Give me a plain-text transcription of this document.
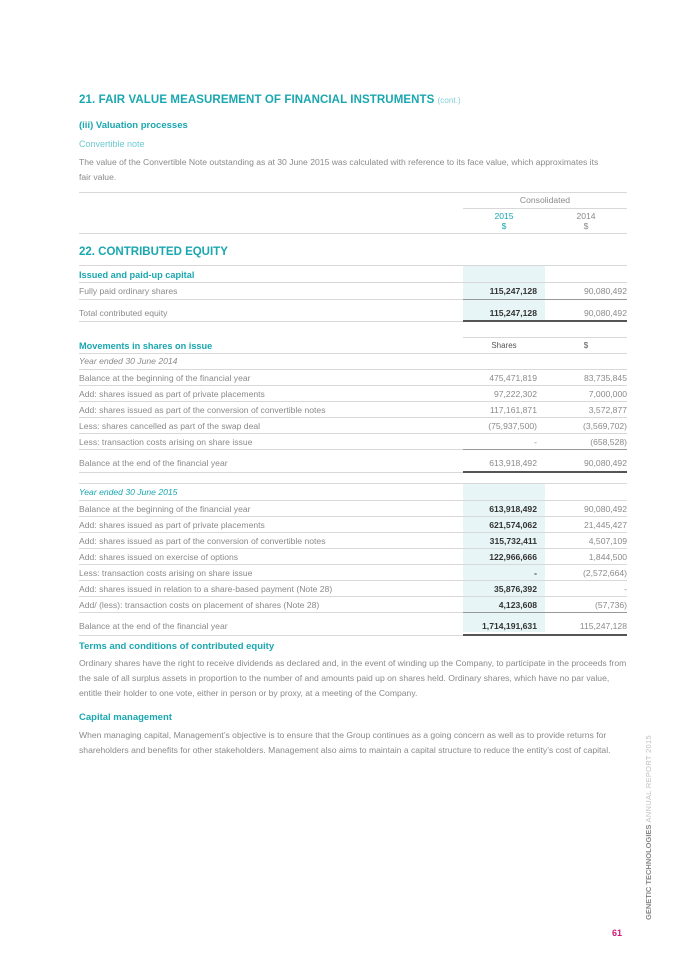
21. FAIR VALUE MEASUREMENT OF FINANCIAL INSTRUMENTS (cont.)
(iii) Valuation processes
Convertible note
The value of the Convertible Note outstanding as at 30 June 2015 was calculated with reference to its face value, which approximates its fair value.
Consolidated
2015	2014
$	$
22. CONTRIBUTED EQUITY
Issued and paid-up capital
Fully paid ordinary shares	115,247,128	90,080,492
Total contributed equity	115,247,128	90,080,492
Movements in shares on issue	Shares	$
Year ended 30 June 2014
Balance at the beginning of the financial year	475,471,819	83,735,845
Add: shares issued as part of private placements	97,222,302	7,000,000
Add: shares issued as part of the conversion of convertible notes	117,161,871	3,572,877
Less: shares cancelled as part of the swap deal	(75,937,500)	(3,569,702)
Less: transaction costs arising on share issue	-	(658,528)
Balance at the end of the financial year	613,918,492	90,080,492
Year ended 30 June 2015
Balance at the beginning of the financial year	613,918,492	90,080,492
Add: shares issued as part of private placements	621,574,062	21,445,427
Add: shares issued as part of the conversion of convertible notes	315,732,411	4,507,109
Add: shares issued on exercise of options	122,966,666	1,844,500
Less: transaction costs arising on share issue	-	(2,572,664)
Add: shares issued in relation to a share-based payment (Note 28)	35,876,392	-
Add/ (less): transaction costs on placement of shares (Note 28)	4,123,608	(57,736)
Balance at the end of the financial year	1,714,191,631	115,247,128
Terms and conditions of contributed equity
Ordinary shares have the right to receive dividends as declared and, in the event of winding up the Company, to participate in the proceeds from the sale of all surplus assets in proportion to the number of and amounts paid up on shares held. Ordinary shares, which have no par value, entitle their holder to one vote, either in person or by proxy, at a meeting of the Company.
Capital management
When managing capital, Management’s objective is to ensure that the Group continues as a going concern as well as to provide returns for shareholders and benefits for other stakeholders. Management also aims to maintain a capital structure to reduce the entity’s cost of capital.
GENETIC TECHNOLOGIES ANNUAL REPORT 2015
61
